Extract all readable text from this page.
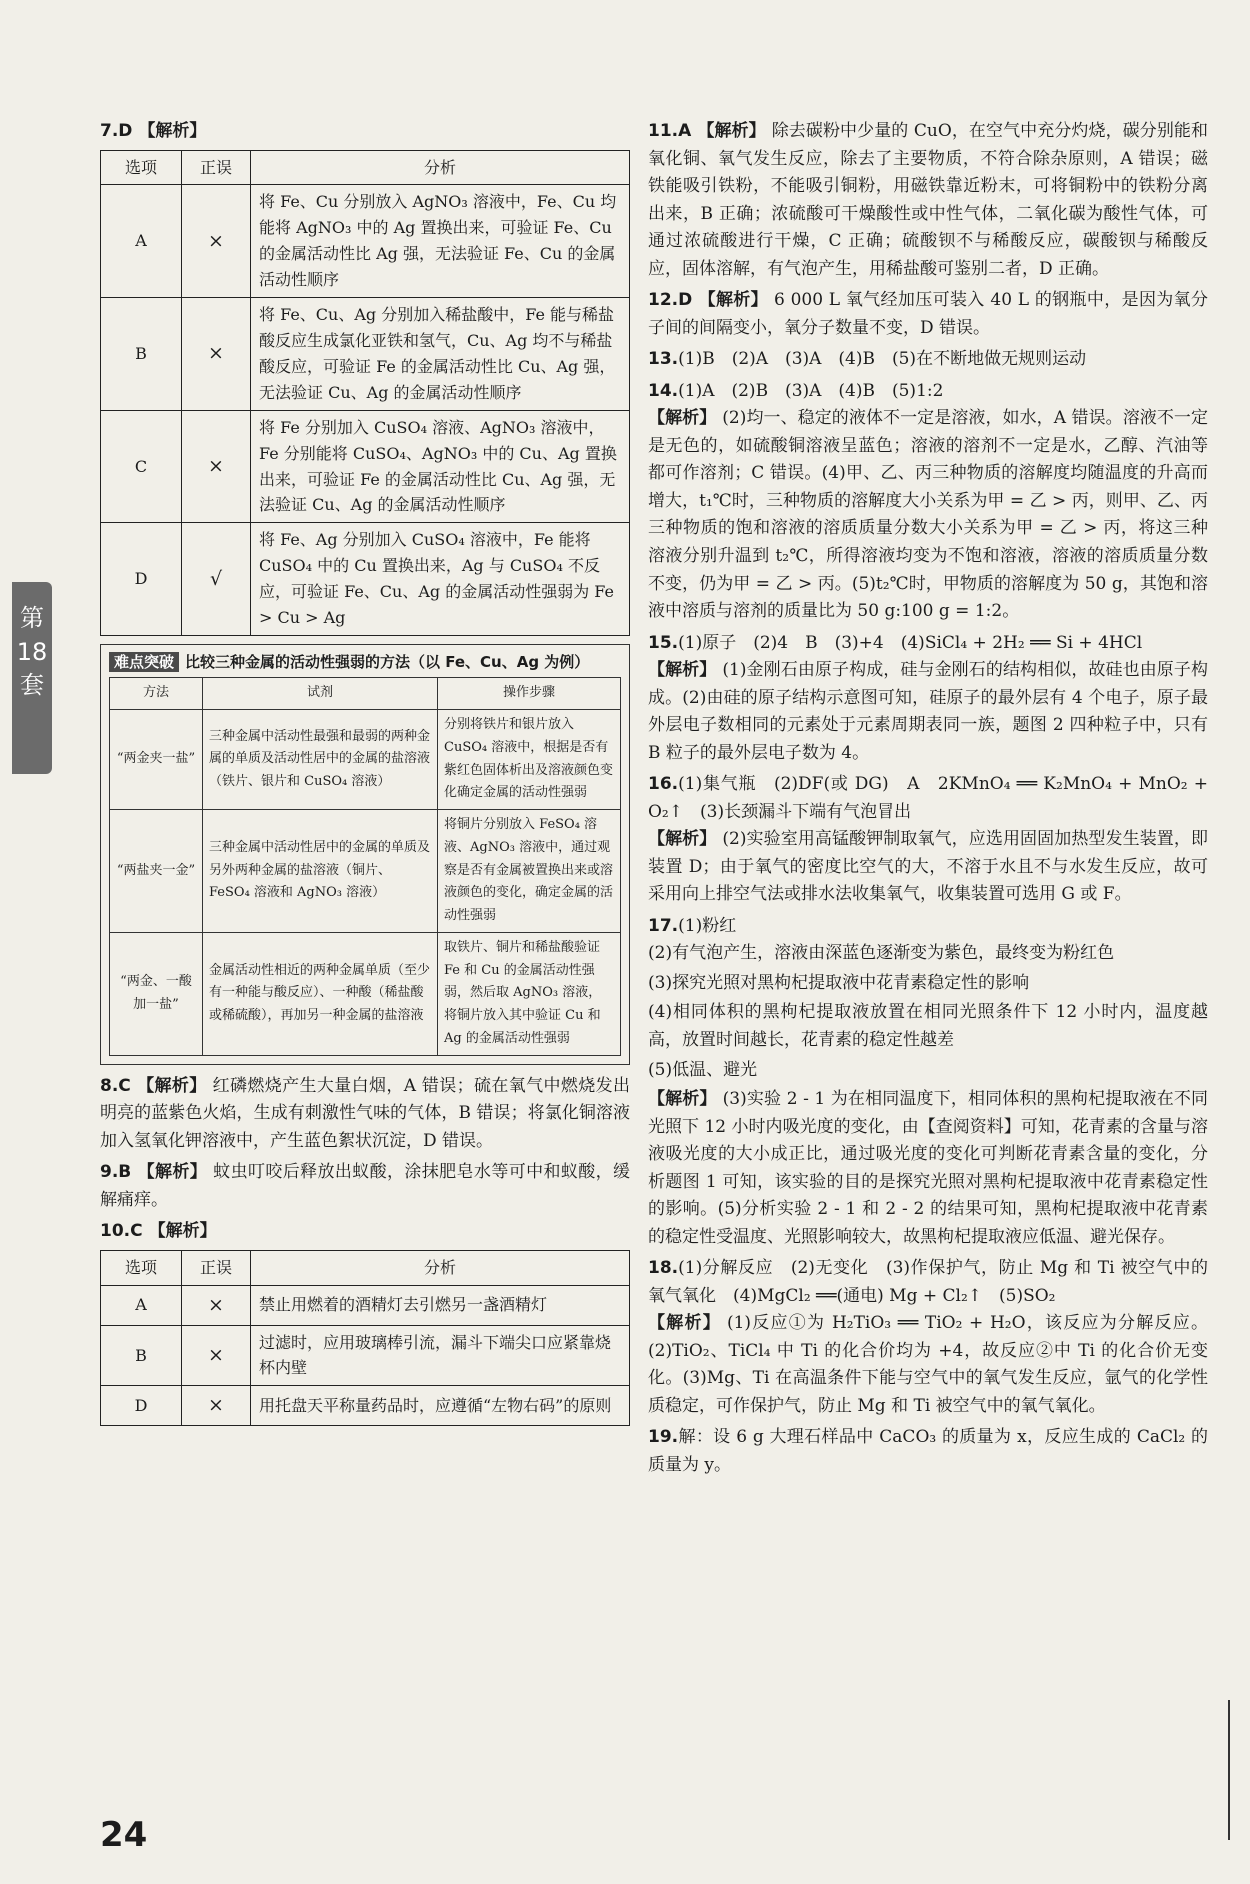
第18套
7.D 【解析】
选项	正误	分析
A	×	将 Fe、Cu 分别放入 AgNO₃ 溶液中，Fe、Cu 均能将 AgNO₃ 中的 Ag 置换出来，可验证 Fe、Cu 的金属活动性比 Ag 强，无法验证 Fe、Cu 的金属活动性顺序
B	×	将 Fe、Cu、Ag 分别加入稀盐酸中，Fe 能与稀盐酸反应生成氯化亚铁和氢气，Cu、Ag 均不与稀盐酸反应，可验证 Fe 的金属活动性比 Cu、Ag 强，无法验证 Cu、Ag 的金属活动性顺序
C	×	将 Fe 分别加入 CuSO₄ 溶液、AgNO₃ 溶液中，Fe 分别能将 CuSO₄、AgNO₃ 中的 Cu、Ag 置换出来，可验证 Fe 的金属活动性比 Cu、Ag 强，无法验证 Cu、Ag 的金属活动性顺序
D	√	将 Fe、Ag 分别加入 CuSO₄ 溶液中，Fe 能将 CuSO₄ 中的 Cu 置换出来，Ag 与 CuSO₄ 不反应，可验证 Fe、Cu、Ag 的金属活动性强弱为 Fe > Cu > Ag
难点突破 比较三种金属的活动性强弱的方法（以 Fe、Cu、Ag 为例）
方法	试剂	操作步骤
“两金夹一盐”	三种金属中活动性最强和最弱的两种金属的单质及活动性居中的金属的盐溶液（铁片、银片和 CuSO₄ 溶液）	分别将铁片和银片放入 CuSO₄ 溶液中，根据是否有紫红色固体析出及溶液颜色变化确定金属的活动性强弱
“两盐夹一金”	三种金属中活动性居中的金属的单质及另外两种金属的盐溶液（铜片、FeSO₄ 溶液和 AgNO₃ 溶液）	将铜片分别放入 FeSO₄ 溶液、AgNO₃ 溶液中，通过观察是否有金属被置换出来或溶液颜色的变化，确定金属的活动性强弱
“两金、一酸加一盐”	金属活动性相近的两种金属单质（至少有一种能与酸反应）、一种酸（稀盐酸或稀硫酸），再加另一种金属的盐溶液	取铁片、铜片和稀盐酸验证 Fe 和 Cu 的金属活动性强弱，然后取 AgNO₃ 溶液，将铜片放入其中验证 Cu 和 Ag 的金属活动性强弱
8.C 【解析】 红磷燃烧产生大量白烟，A 错误；硫在氧气中燃烧发出明亮的蓝紫色火焰，生成有刺激性气味的气体，B 错误；将氯化铜溶液加入氢氧化钾溶液中，产生蓝色絮状沉淀，D 错误。
9.B 【解析】 蚊虫叮咬后释放出蚁酸，涂抹肥皂水等可中和蚁酸，缓解痛痒。
10.C 【解析】
选项	正误	分析
A	×	禁止用燃着的酒精灯去引燃另一盏酒精灯
B	×	过滤时，应用玻璃棒引流，漏斗下端尖口应紧靠烧杯内壁
D	×	用托盘天平称量药品时，应遵循“左物右码”的原则
11.A 【解析】 除去碳粉中少量的 CuO，在空气中充分灼烧，碳分别能和氧化铜、氧气发生反应，除去了主要物质，不符合除杂原则，A 错误；磁铁能吸引铁粉，不能吸引铜粉，用磁铁靠近粉末，可将铜粉中的铁粉分离出来，B 正确；浓硫酸可干燥酸性或中性气体，二氧化碳为酸性气体，可通过浓硫酸进行干燥，C 正确；硫酸钡不与稀酸反应，碳酸钡与稀酸反应，固体溶解，有气泡产生，用稀盐酸可鉴别二者，D 正确。
12.D 【解析】 6 000 L 氧气经加压可装入 40 L 的钢瓶中，是因为氧分子间的间隔变小，氧分子数量不变，D 错误。
13.(1)B　(2)A　(3)A　(4)B　(5)在不断地做无规则运动
14.(1)A　(2)B　(3)A　(4)B　(5)1:2
【解析】 (2)均一、稳定的液体不一定是溶液，如水，A 错误。溶液不一定是无色的，如硫酸铜溶液呈蓝色；溶液的溶剂不一定是水，乙醇、汽油等都可作溶剂；C 错误。(4)甲、乙、丙三种物质的溶解度均随温度的升高而增大，t₁℃时，三种物质的溶解度大小关系为甲 = 乙 > 丙，则甲、乙、丙三种物质的饱和溶液的溶质质量分数大小关系为甲 = 乙 > 丙，将这三种溶液分别升温到 t₂℃，所得溶液均变为不饱和溶液，溶液的溶质质量分数不变，仍为甲 = 乙 > 丙。(5)t₂℃时，甲物质的溶解度为 50 g，其饱和溶液中溶质与溶剂的质量比为 50 g:100 g = 1:2。
15.(1)原子　(2)4　B　(3)+4　(4)SiCl₄ + 2H₂ ══ Si + 4HCl
【解析】 (1)金刚石由原子构成，硅与金刚石的结构相似，故硅也由原子构成。(2)由硅的原子结构示意图可知，硅原子的最外层有 4 个电子，原子最外层电子数相同的元素处于元素周期表同一族，题图 2 四种粒子中，只有 B 粒子的最外层电子数为 4。
16.(1)集气瓶　(2)DF(或 DG)　A　2KMnO₄ ══ K₂MnO₄ + MnO₂ + O₂↑　(3)长颈漏斗下端有气泡冒出
【解析】 (2)实验室用高锰酸钾制取氧气，应选用固固加热型发生装置，即装置 D；由于氧气的密度比空气的大，不溶于水且不与水发生反应，故可采用向上排空气法或排水法收集氧气，收集装置可选用 G 或 F。
17.(1)粉红
(2)有气泡产生，溶液由深蓝色逐渐变为紫色，最终变为粉红色
(3)探究光照对黑枸杞提取液中花青素稳定性的影响
(4)相同体积的黑枸杞提取液放置在相同光照条件下 12 小时内，温度越高，放置时间越长，花青素的稳定性越差
(5)低温、避光
【解析】 (3)实验 2 - 1 为在相同温度下，相同体积的黑枸杞提取液在不同光照下 12 小时内吸光度的变化，由【查阅资料】可知，花青素的含量与溶液吸光度的大小成正比，通过吸光度的变化可判断花青素含量的变化，分析题图 1 可知，该实验的目的是探究光照对黑枸杞提取液中花青素稳定性的影响。(5)分析实验 2 - 1 和 2 - 2 的结果可知，黑枸杞提取液中花青素的稳定性受温度、光照影响较大，故黑枸杞提取液应低温、避光保存。
18.(1)分解反应　(2)无变化　(3)作保护气，防止 Mg 和 Ti 被空气中的氧气氧化　(4)MgCl₂ ══(通电) Mg + Cl₂↑　(5)SO₂
【解析】 (1)反应①为 H₂TiO₃ ══ TiO₂ + H₂O，该反应为分解反应。(2)TiO₂、TiCl₄ 中 Ti 的化合价均为 +4，故反应②中 Ti 的化合价无变化。(3)Mg、Ti 在高温条件下能与空气中的氧气发生反应，氩气的化学性质稳定，可作保护气，防止 Mg 和 Ti 被空气中的氧气氧化。
19.解：设 6 g 大理石样品中 CaCO₃ 的质量为 x，反应生成的 CaCl₂ 的质量为 y。
24
